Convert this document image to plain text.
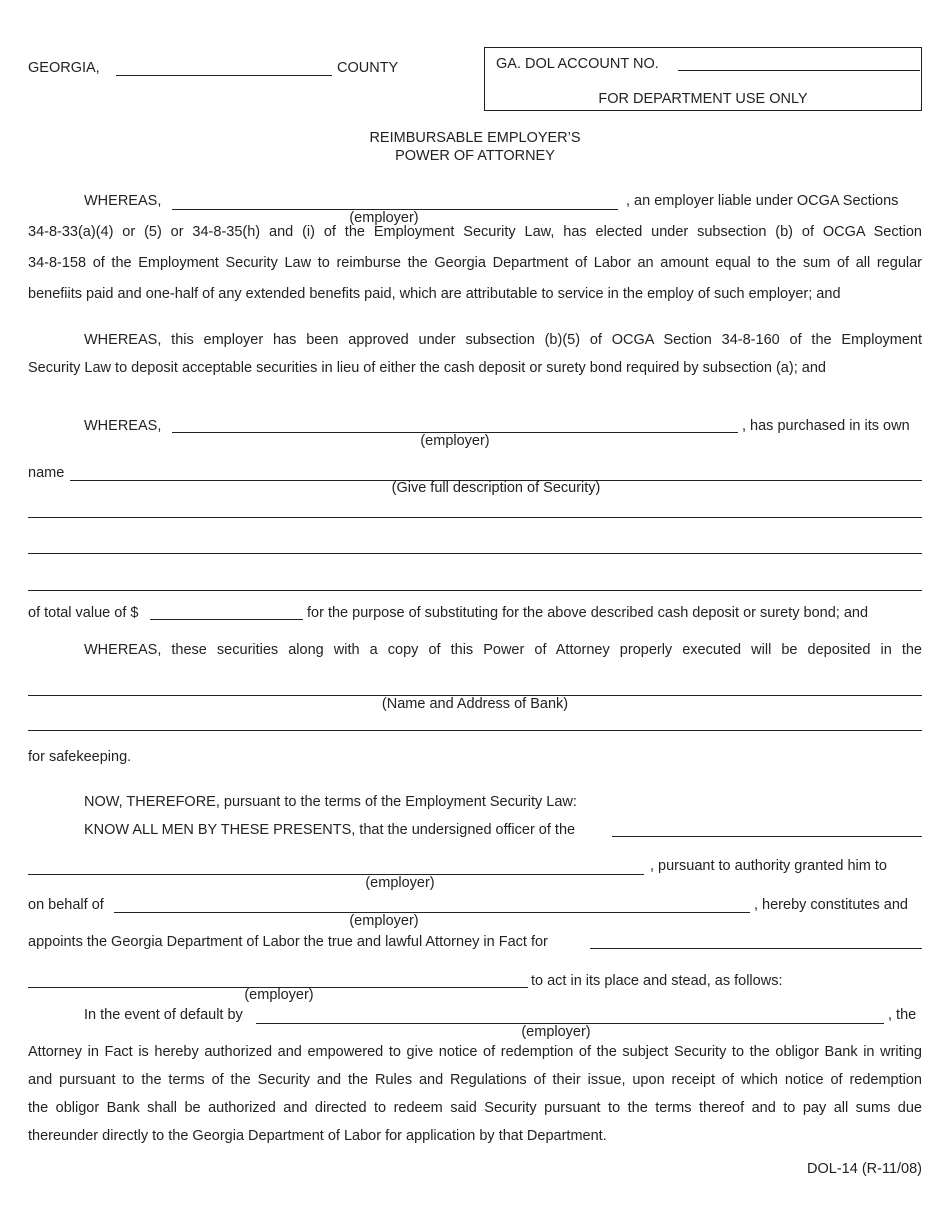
GEORGIA,	COUNTY	GA. DOL ACCOUNT NO.
FOR DEPARTMENT USE ONLY
REIMBURSABLE EMPLOYER’S
POWER OF ATTORNEY
WHEREAS,	, an employer liable under OCGA Sections
(employer)
34-8-33(a)(4) or (5) or 34-8-35(h) and (i) of the Employment Security Law, has elected under subsection (b) of OCGA Section
34-8-158 of the Employment Security Law to reimburse the Georgia Department of Labor an amount equal to the sum of all regular
benefiits paid and one-half of any extended benefits paid, which are attributable to service in the employ of such employer; and
WHEREAS, this employer has been approved under subsection (b)(5) of OCGA Section 34-8-160 of the Employment
Security Law to deposit acceptable securities in lieu of either the cash deposit or surety bond required by subsection (a); and
WHEREAS,	, has purchased in its own
(employer)
name
(Give full description of Security)
of total value of $	for the purpose of substituting for the above described cash deposit or surety bond; and
WHEREAS, these securities along with a copy of this Power of Attorney properly executed will be deposited in the
(Name and Address of Bank)
for safekeeping.
NOW, THEREFORE, pursuant to the terms of the Employment Security Law:
KNOW ALL MEN BY THESE PRESENTS, that the undersigned officer of the
, pursuant to authority granted him to
(employer)
on behalf of	, hereby constitutes and
(employer)
appoints the Georgia Department of Labor the true and lawful Attorney in Fact for
to act in its place and stead, as follows:
(employer)
In the event of default by	, the
(employer)
Attorney in Fact is hereby authorized and empowered to give notice of redemption of the subject Security to the obligor Bank in writing
and pursuant to the terms of the Security and the Rules and Regulations of their issue, upon receipt of which notice of redemption
the obligor Bank shall be authorized and directed to redeem said Security pursuant to the terms thereof and to pay all sums due
thereunder directly to the Georgia Department of Labor for application by that Department.
DOL-14 (R-11/08)
